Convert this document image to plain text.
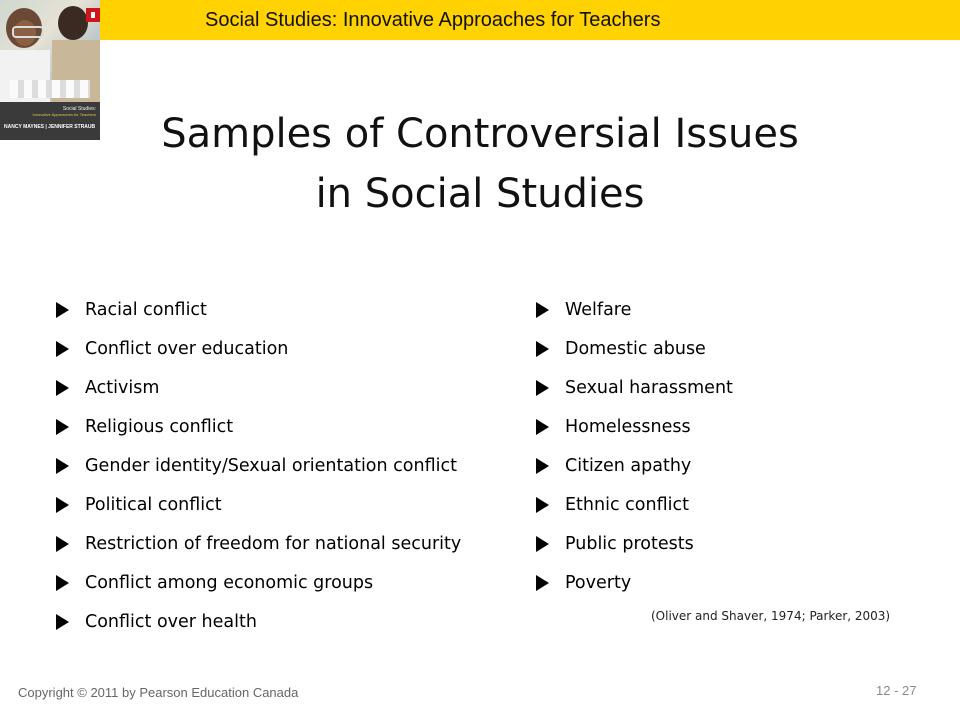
Social Studies: Innovative Approaches for Teachers
Social Studies:
Innovative Approaches for Teachers
NANCY MAYNES | JENNIFER STRAUB	Samples of Controversial Issues
in Social Studies
Racial conflict
Conflict over education
Activism
Religious conflict
Gender identity/Sexual orientation conflict
Political conflict
Restriction of freedom for national security
Conflict among economic groups
Conflict over health
Welfare
Domestic abuse
Sexual harassment
Homelessness
Citizen apathy
Ethnic conflict
Public protests
Poverty
(Oliver and Shaver, 1974; Parker, 2003)
Copyright © 2011 by Pearson Education Canada	12 - 27
